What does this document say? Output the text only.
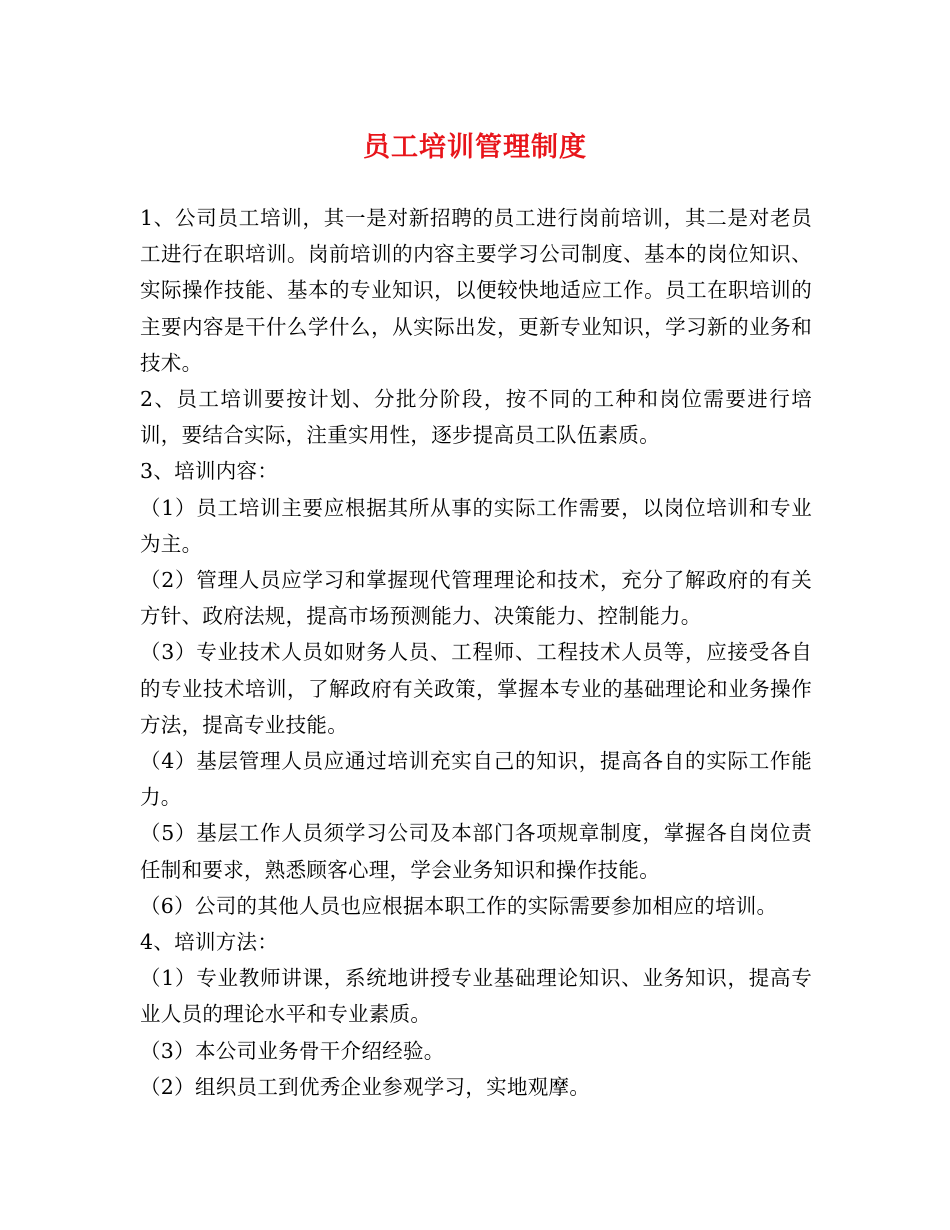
员工培训管理制度

1、公司员工培训，其一是对新招聘的员工进行岗前培训，其二是对老员工进行在职培训。岗前培训的内容主要学习公司制度、基本的岗位知识、实际操作技能、基本的专业知识，以便较快地适应工作。员工在职培训的主要内容是干什么学什么，从实际出发，更新专业知识，学习新的业务和技术。

2、员工培训要按计划、分批分阶段，按不同的工种和岗位需要进行培训，要结合实际，注重实用性，逐步提高员工队伍素质。

3、培训内容：

（1）员工培训主要应根据其所从事的实际工作需要，以岗位培训和专业为主。

（2）管理人员应学习和掌握现代管理理论和技术，充分了解政府的有关方针、政府法规，提高市场预测能力、决策能力、控制能力。

（3）专业技术人员如财务人员、工程师、工程技术人员等，应接受各自的专业技术培训，了解政府有关政策，掌握本专业的基础理论和业务操作方法，提高专业技能。

（4）基层管理人员应通过培训充实自己的知识，提高各自的实际工作能力。

（5）基层工作人员须学习公司及本部门各项规章制度，掌握各自岗位责任制和要求，熟悉顾客心理，学会业务知识和操作技能。

（6）公司的其他人员也应根据本职工作的实际需要参加相应的培训。

4、培训方法：

（1）专业教师讲课，系统地讲授专业基础理论知识、业务知识，提高专业人员的理论水平和专业素质。

（3）本公司业务骨干介绍经验。

（2）组织员工到优秀企业参观学习，实地观摩。
